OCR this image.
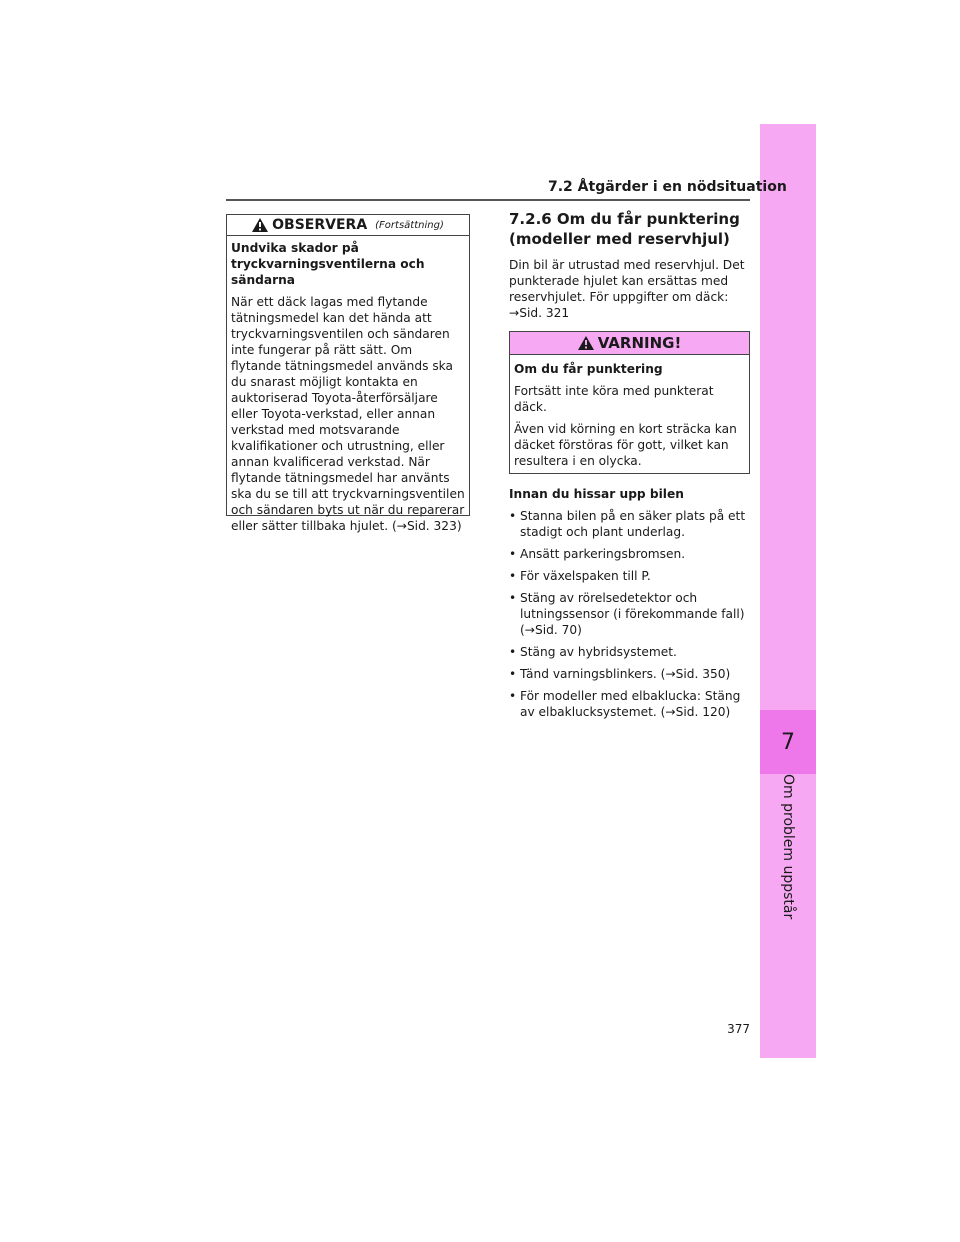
7
Om problem uppstår
7.2 Åtgärder i en nödsituation
OBSERVERA (Fortsättning)
Undvika skador på tryckvarningsventilerna och sändarna
När ett däck lagas med flytande tätningsmedel kan det hända att tryckvarningsventilen och sändaren inte fungerar på rätt sätt. Om flytande tätningsmedel används ska du snarast möjligt kontakta en auktoriserad Toyota-återförsäljare eller Toyota-verkstad, eller annan verkstad med motsvarande kvalifikationer och utrustning, eller annan kvalificerad verkstad. När flytande tätningsmedel har använts ska du se till att tryckvarningsventilen och sändaren byts ut när du reparerar eller sätter tillbaka hjulet. (→Sid. 323)
7.2.6 Om du får punktering (modeller med reservhjul)

Din bil är utrustad med reservhjul. Det punkterade hjulet kan ersättas med reservhjulet. För uppgifter om däck: →Sid. 321

VARNING!

Om du får punktering

Fortsätt inte köra med punkterat däck.

Även vid körning en kort sträcka kan däcket förstöras för gott, vilket kan resultera i en olycka.

Innan du hissar upp bilen

• Stanna bilen på en säker plats på ett stadigt och plant underlag.
• Ansätt parkeringsbromsen.
• För växelspaken till P.
• Stäng av rörelsedetektor och lutningssensor (i förekommande fall) (→Sid. 70)
• Stäng av hybridsystemet.
• Tänd varningsblinkers. (→Sid. 350)
• För modeller med elbaklucka: Stäng av elbaklucksystemet. (→Sid. 120)
377
